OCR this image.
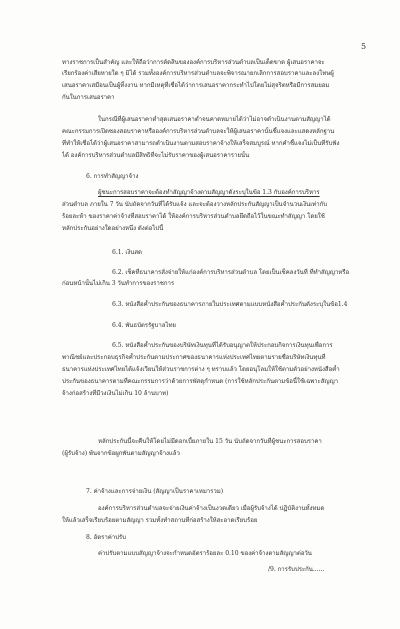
5
ทางราชการเป็นสำคัญ และให้ถือว่าการตัดสินขององค์การบริหารส่วนตำบลเป็นเด็ดขาด ผู้เสนอราคาจะ
เรียกร้องค่าเสียหายใด ๆ มิได้ รวมทั้งองค์การบริหารส่วนตำบลจะพิจารณายกเลิกการสอบราคาและลงโทษผู้
เสนอราคาเสมือนเป็นผู้ทิ้งงาน หากมีเหตุที่เชื่อได้ว่าการเสนอราคากระทำไปโดยไม่สุจริตหรือมีการสมยอม
กันในการเสนอราคา
ในกรณีที่ผู้เสนอราคาต่ำสุดเสนอราคาต่ำจนคาดหมายได้ว่าไม่อาจดำเนินงานตามสัญญาได้
คณะกรรมการเปิดซองสอบราคาหรือองค์การบริหารส่วนตำบลจะให้ผู้เสนอราคานั้นชี้แจงและแสดงหลักฐาน
ที่ทำให้เชื่อได้ว่าผู้เสนอราคาสามารถดำเนินงานตามสอบราคาจ้างให้เสร็จสมบูรณ์ หากคำชี้แจงไม่เป็นที่รับฟัง
ได้ องค์การบริหารส่วนตำบลมีสิทธิที่จะไม่รับราคาของผู้เสนอราคารายนั้น
6. การทำสัญญาจ้าง
ผู้ชนะการสอบราคาจะต้องทำสัญญาจ้างตามสัญญาดังระบุในข้อ 1.3 กับองค์การบริหาร
ส่วนตำบล ภายใน 7 วัน นับถัดจากวันที่ได้รับแจ้ง และจะต้องวางหลักประกันสัญญาเป็นจำนวนเงินเท่ากับ
ร้อยละห้า ของราคาค่าจ้างที่สอบราคาได้ ให้องค์การบริหารส่วนตำบลยึดถือไว้ในขณะทำสัญญา โดยใช้
หลักประกันอย่างใดอย่างหนึ่ง ดังต่อไปนี้
6.1. เงินสด
6.2. เช็คที่ธนาคารสั่งจ่ายให้แก่องค์การบริหารส่วนตำบล โดยเป็นเช็คลงวันที่ ที่ทำสัญญาหรือ
ก่อนหน้านั้นไม่เกิน 3 วันทำการของราชการ
6.3. หนังสือค้ำประกันของธนาคารภายในประเทศตามแบบหนังสือค้ำประกันดังระบุในข้อ1.4
6.4. พันธบัตรรัฐบาลไทย
6.5. หนังสือค้ำประกันของบริษัทเงินทุนที่ได้รับอนุญาตให้ประกอบกิจการเงินทุนเพื่อการ
พาณิชย์และประกอบธุรกิจค้ำประกันตามประกาศของธนาคารแห่งประเทศไทยตามรายชื่อบริษัทเงินทุนที่
ธนาคารแห่งประเทศไทยได้แจ้งเวียนให้ส่วนราชการต่าง ๆ ทราบแล้ว โดยอนุโลมให้ใช้ตามตัวอย่างหนังสือค้ำ
ประกันของธนาคารตามที่คณะกรรมการว่าด้วยการพัสดุกำหนด (การใช้หลักประกันตามข้อนี้ใช้เฉพาะสัญญา
จ้างก่อสร้างที่มีวงเงินไม่เกิน 10 ล้านบาท)
หลักประกันนี้จะคืนให้โดยไม่มีดอกเบี้ยภายใน 15 วัน นับถัดจากวันที่ผู้ชนะการสอบราคา
(ผู้รับจ้าง) พ้นจากข้อผูกพันตามสัญญาจ้างแล้ว
7. ค่าจ้างและการจ่ายเงิน (สัญญาเป็นราคาเหมารวม)
องค์การบริหารส่วนตำบลจะจ่ายเงินค่าจ้างเป็นงวดเดียว เมื่อผู้รับจ้างได้ ปฏิบัติงานทั้งหมด
ให้แล้วเสร็จเรียบร้อยตามสัญญา รวมทั้งทำสถานที่ก่อสร้างให้สะอาดเรียบร้อย
8. อัตราค่าปรับ
ค่าปรับตามแบบสัญญาจ้างจะกำหนดอัตราร้อยละ 0.10 ของค่าจ้างตามสัญญาต่อวัน
/9. การรับประกัน......
